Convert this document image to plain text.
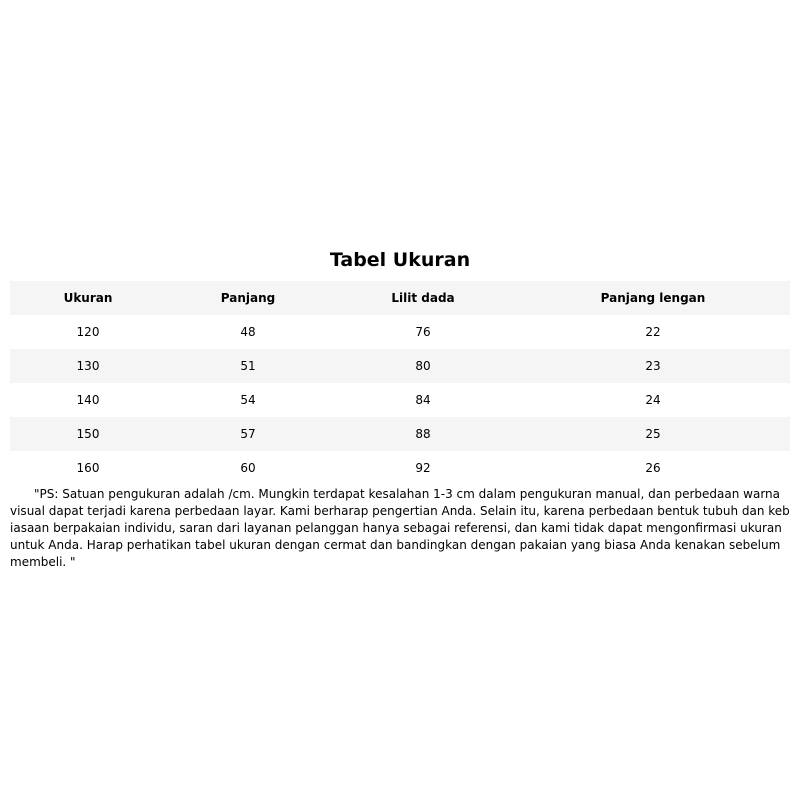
Tabel Ukuran
Ukuran	Panjang	Lilit dada	Panjang lengan
120	48	76	22
130	51	80	23
140	54	84	24
150	57	88	25
160	60	92	26

"PS: Satuan pengukuran adalah /cm. Mungkin terdapat kesalahan 1-3 cm dalam pengukuran manual, dan perbedaan warna visual dapat terjadi karena perbedaan layar. Kami berharap pengertian Anda. Selain itu, karena perbedaan bentuk tubuh dan kebiasaan berpakaian individu, saran dari layanan pelanggan hanya sebagai referensi, dan kami tidak dapat mengonfirmasi ukuran untuk Anda. Harap perhatikan tabel ukuran dengan cermat dan bandingkan dengan pakaian yang biasa Anda kenakan sebelum membeli. "
